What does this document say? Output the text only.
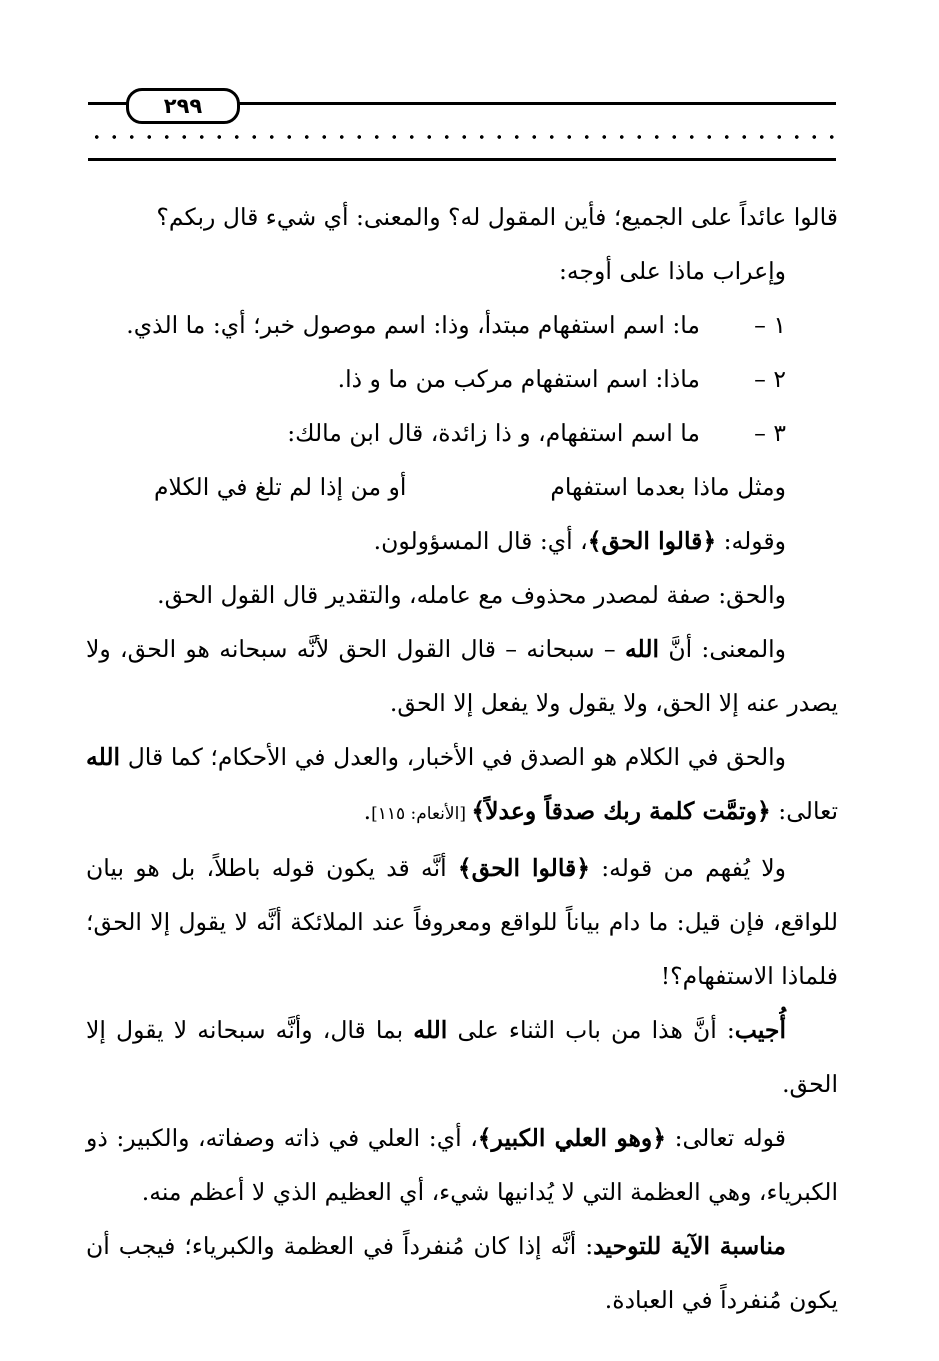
٢٩٩

قالوا عائداً على الجميع؛ فأين المقول له؟ والمعنى: أي شيء قال ربكم؟

وإعراب ماذا على أوجه:

١ –
ما: اسم استفهام مبتدأ، وذا: اسم موصول خبر؛ أي: ما الذي.
٢ –
ماذا: اسم استفهام مركب من ما و ذا.
٣ –
ما اسم استفهام، و ذا زائدة، قال ابن مالك:
ومثل ماذا بعدما استفهام
أو من إذا لم تلغ في الكلام

وقوله: ﴿قالوا الحق﴾، أي: قال المسؤولون.

والحق: صفة لمصدر محذوف مع عامله، والتقدير قال القول الحق.

والمعنى: أنَّ الله – سبحانه – قال القول الحق لأنَّه سبحانه هو الحق، ولا يصدر عنه إلا الحق، ولا يقول ولا يفعل إلا الحق.

والحق في الكلام هو الصدق في الأخبار، والعدل في الأحكام؛ كما قال الله تعالى: ﴿وتمَّت كلمة ربك صدقاً وعدلاً﴾ [الأنعام: ١١٥].

ولا يُفهم من قوله: ﴿قالوا الحق﴾ أنَّه قد يكون قوله باطلاً، بل هو بيان للواقع، فإن قيل: ما دام بياناً للواقع ومعروفاً عند الملائكة أنَّه لا يقول إلا الحق؛ فلماذا الاستفهام؟!

أُجيب: أنَّ هذا من باب الثناء على الله بما قال، وأنَّه سبحانه لا يقول إلا الحق.

قوله تعالى: ﴿وهو العلي الكبير﴾، أي: العلي في ذاته وصفاته، والكبير: ذو الكبرياء، وهي العظمة التي لا يُدانيها شيء، أي العظيم الذي لا أعظم منه.

مناسبة الآية للتوحيد: أنَّه إذا كان مُنفرداً في العظمة والكبرياء؛ فيجب أن يكون مُنفرداً في العبادة.
